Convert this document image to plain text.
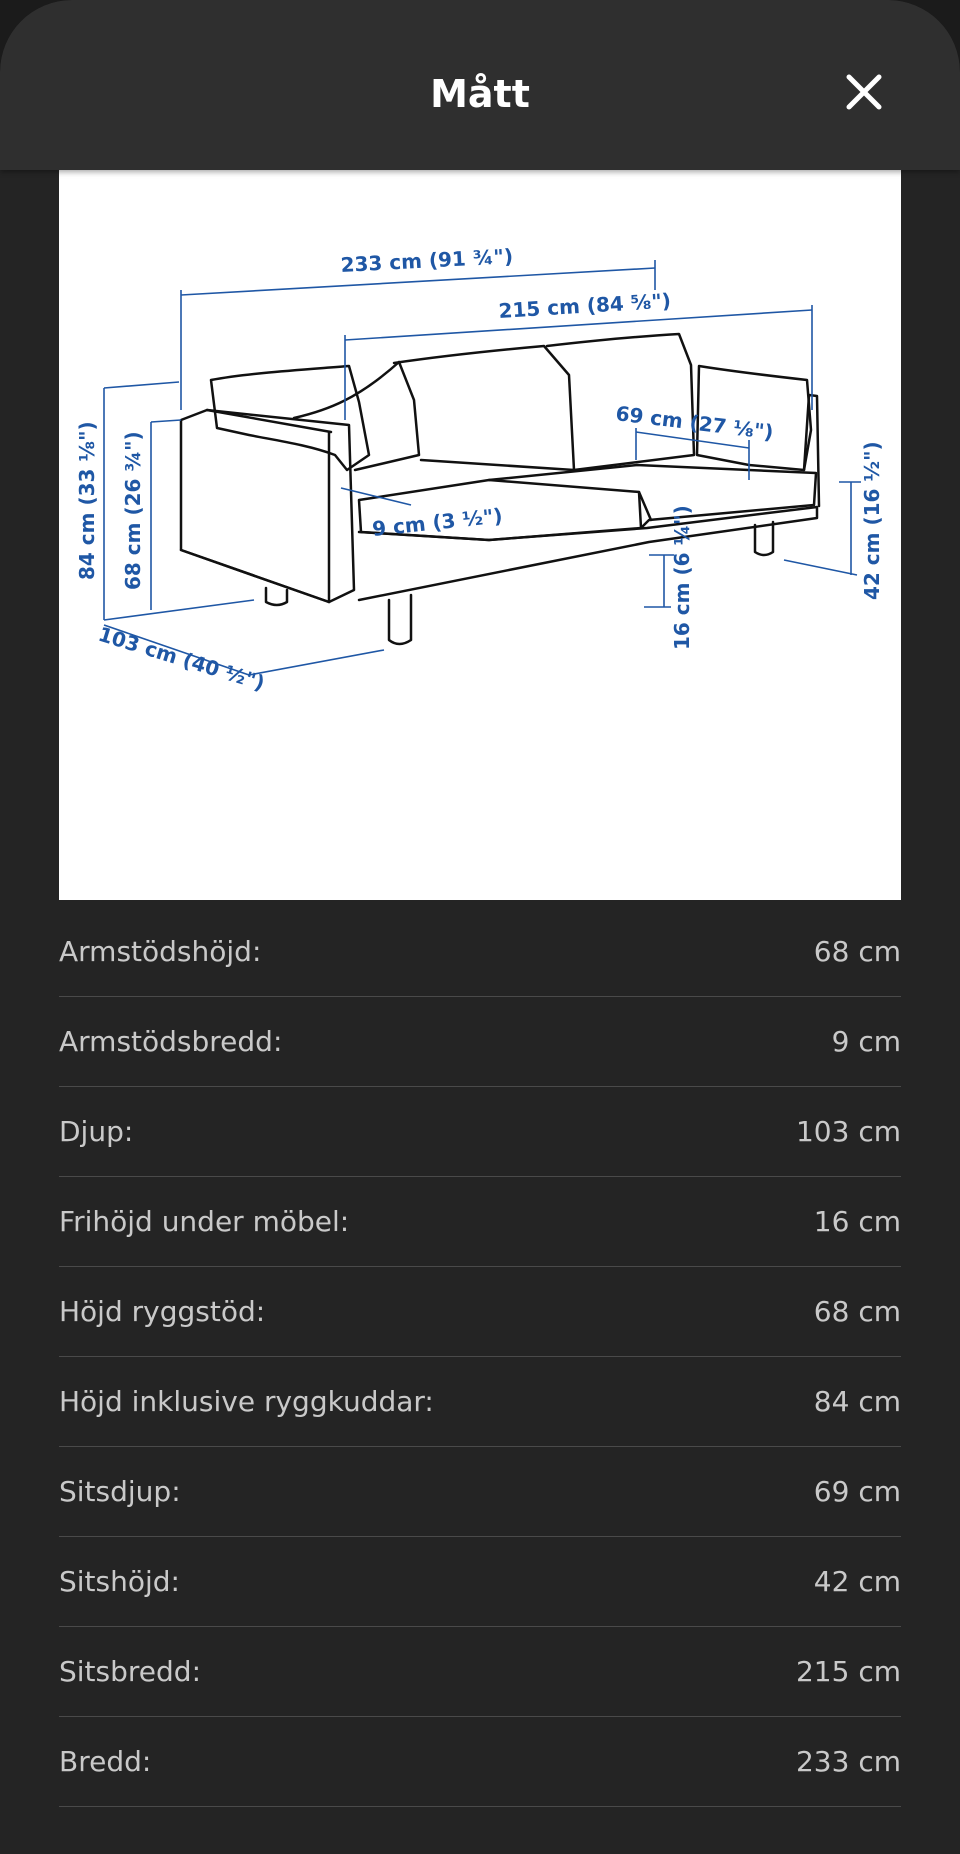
Mått
233 cm (91 ¾")
215 cm (84 ⅝")
69 cm (27 ⅛")
9 cm (3 ½")
84 cm (33 ⅛") 68 cm (26 ¾")
103 cm (40 ½")
16 cm (6 ¼")	42 cm (16 ½")
Armstödshöjd:	68 cm
Armstödsbredd:	9 cm
Djup:	103 cm
Frihöjd under möbel:	16 cm
Höjd ryggstöd:	68 cm
Höjd inklusive ryggkuddar:	84 cm
Sitsdjup:	69 cm
Sitshöjd:	42 cm
Sitsbredd:	215 cm
Bredd:	233 cm
